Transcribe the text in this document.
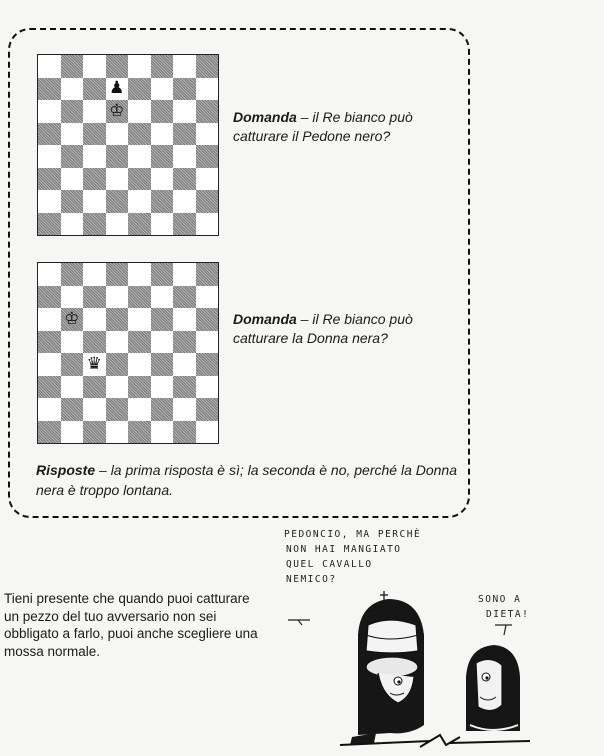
♟
♔	Domanda – il Re bianco può catturare il Pedone nero?
♔
♛
Domanda – il Re bianco può catturare la Donna nera?
Risposte – la prima risposta è sì; la seconda è no, perché la Donna nera è troppo lontana.
Tieni presente che quando puoi catturare un pezzo del tuo avversario non sei obbligato a farlo, puoi anche scegliere una mossa normale.
PEDONCIO, MA PERCHÈ
NON HAI MANGIATO
QUEL CAVALLO
NEMICO?
SONO A
DIETA!
